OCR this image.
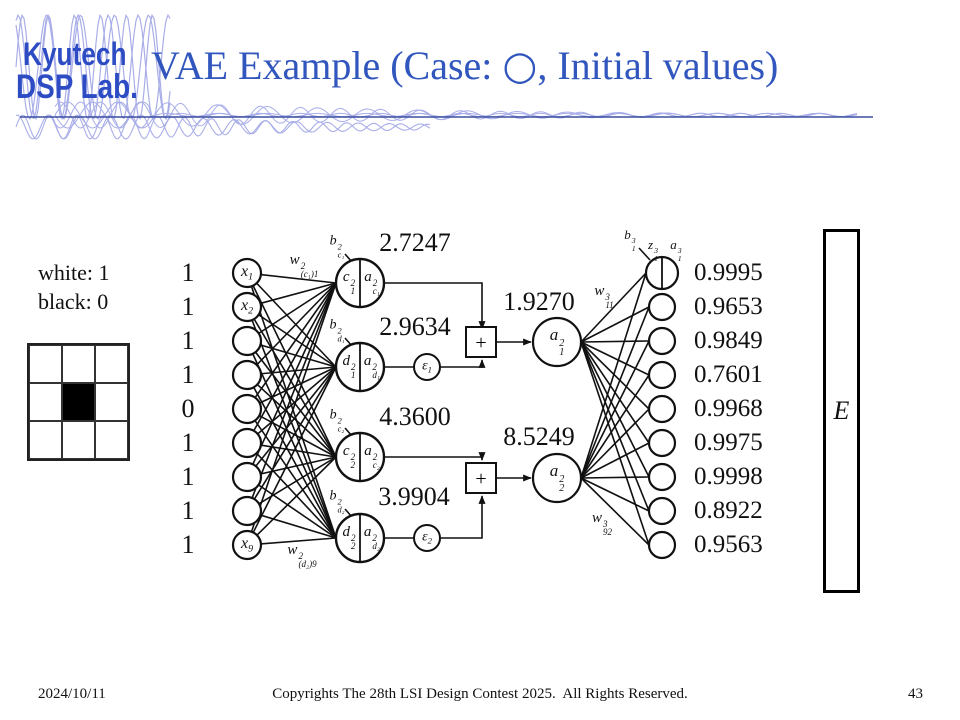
Kyutech
DSP Lab. VAE Example (Case: ○, Initial values)
white: 1
black: 0
+
+
1
1
1
1
0
1
1
1
1
0.9995
0.9653
0.9849
0.7601
0.9968
0.9975
0.9998
0.8922
0.9563
2.7247
2.9634
4.3600
3.9904
1.9270
8.5249
$x_1$
$x_2$
$x_9$
w 2
(c₁)1
w 2
(d₂)9
b 2
c₁
b 2
d₁
b 2
c₂
b 2
d₂
c 2
1
a 2
c₁
d 2
1
a 2
d₁
c 2
2
a 2
c₂
d 2
2
a 2
d₂
$\varepsilon_1$
$\varepsilon_2$
a 2
1
a 2
2
b 3
1 z 3
1
a 3
1
w 3
11
w 3
92
E
2024/10/11	Copyrights The 28th LSI Design Contest 2025.  All Rights Reserved.	43
